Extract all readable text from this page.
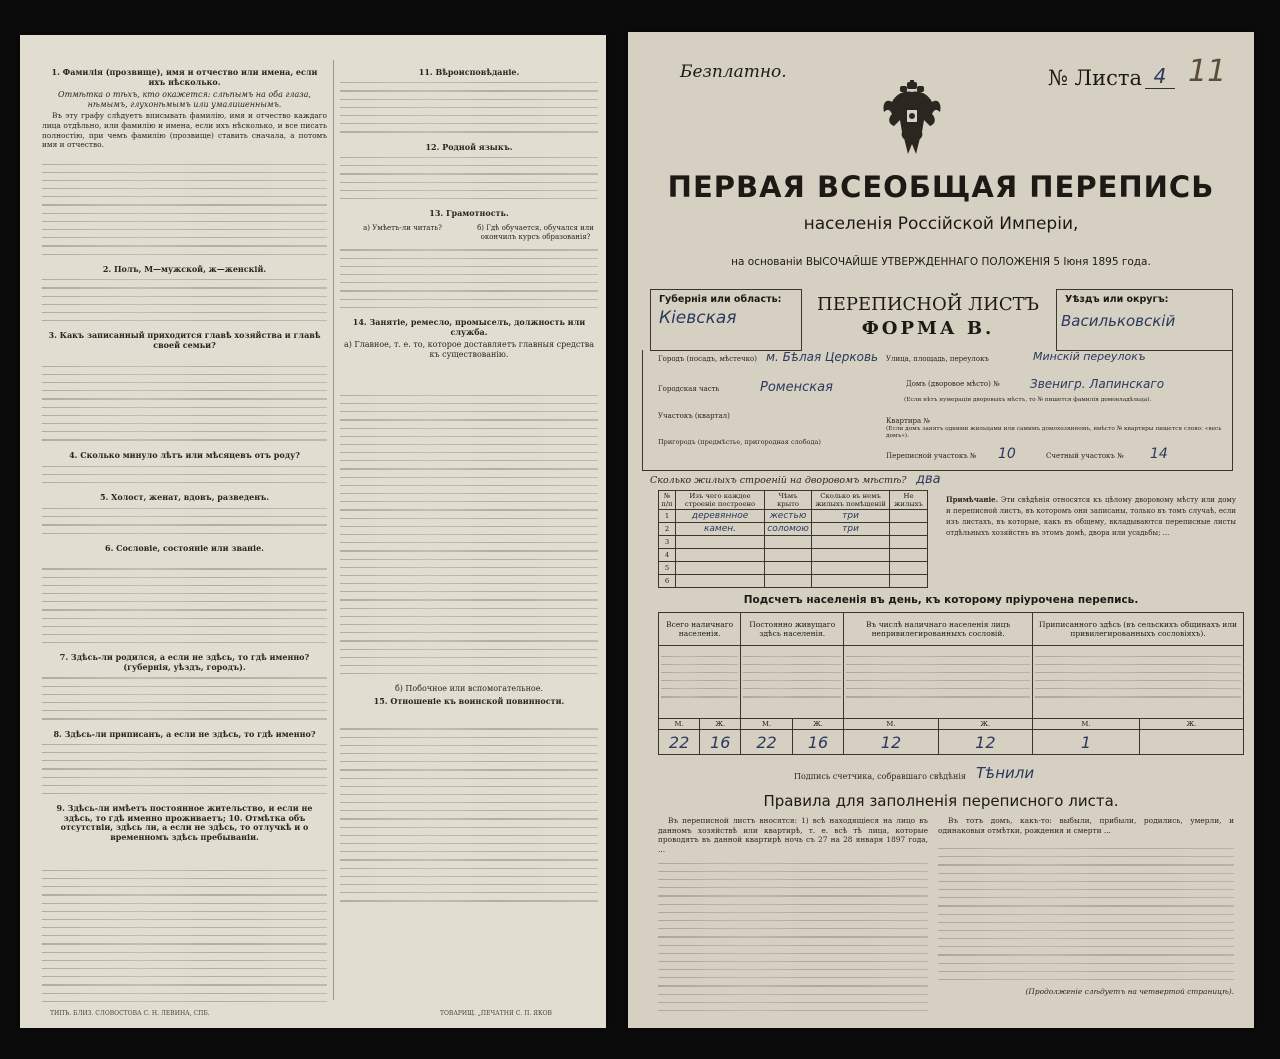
1. Фамилія (прозвище), имя и отчество или имена, если ихъ нѣсколько.

Отмѣтка о тѣхъ, кто окажется: слѣпымъ на оба глаза, нѣмымъ, глухонѣмымъ или умалишеннымъ.

Въ эту графу слѣдуетъ вписывать фамилію, имя и отчество каждаго лица отдѣльно, или фамилію и имена, если ихъ нѣсколько, и все писать полностію, при чемъ фамилію (прозвище) ставить сначала, а потомъ имя и отчество.

2. Полъ, М—мужской, ж—женскій.

3. Какъ записанный приходится главѣ хозяйства и главѣ своей семьи?

4. Сколько минуло лѣтъ или мѣсяцевъ отъ роду?

5. Холост, женат, вдовъ, разведенъ.

6. Сословіе, состояніе или званіе.

7. Здѣсь-ли родился, а если не здѣсь, то гдѣ именно? (губернія, уѣздъ, городъ).

8. Здѣсь-ли приписанъ, а если не здѣсь, то гдѣ именно?

9. Здѣсь-ли имѣетъ постоянное жительство, и если не здѣсь, то гдѣ именно проживаетъ; 10. Отмѣтка объ отсутствіи, здѣсь ли, а если не здѣсь, то отлучкѣ и о временномъ здѣсь пребываніи.

11. Вѣроисповѣданіе.

12. Родной языкъ.

13. Грамотность.

а) Умѣетъ-ли читать?	б) Гдѣ обучается, обучался или окончилъ курсъ образованія?

14. Занятіе, ремесло, промыселъ, должность или служба.

а) Главное, т. е. то, которое доставляетъ главныя средства къ существованію.

б) Побочное или вспомогательное.

15. Отношеніе къ воинской повинности.

ТИПЪ. БЛИЗ. СЛОВОСТОВА С. Н. ЛЕВИНА, СПБ.	ТОВАРИЩ. „ПЕЧАТНЯ С. П. ЯКОВ
Безплатно.	№ Листа 4 11
ПЕРВАЯ ВСЕОБЩАЯ ПЕРЕПИСЬ
населенія Россійской Имперіи,
на основаніи ВЫСОЧАЙШЕ УТВЕРЖДЕННАГО ПОЛОЖЕНІЯ 5 Іюня 1895 года.
Губернія или область:
Кіевская
ПЕРЕПИСНОЙ ЛИСТЪ
ФОРМА В.
Уѣздъ или округъ:
Васильковскій
Городъ (посадъ, мѣстечко) м. Бѣлая Церковь
Городская часть	Роменская
Участокъ (квартал)
Пригородъ (предмѣстье, пригородная слобода)
Улица, площадь, переулокъ	Минскій переулокъ
Домъ (дворовое мѣсто) №	Звенигр. Лапинскаго
(Если нѣтъ нумераціи дворовыхъ мѣстъ, то № пишется фамилія домовладѣльца).
Квартира №
(Если домъ занятъ одними жильцами или самимъ домохозяиномъ, вмѣсто № квартиры пишется слово: «весь домъ»).
Переписной участокъ № 10	Счетный участокъ № 14
Сколько жилыхъ строеній на дворовомъ мѣстѣ? два
№ п/п	Изъ чего каждое строеніе построено	Чѣмъ крыто	Сколько въ немъ жилыхъ помѣщеній	Не жилыхъ
1	деревянное	жестью	три	
2	камен.	соломою	три	
3				
4				
5				
6				
Примѣчаніе. Эти свѣдѣнія относятся къ цѣлому дворовому мѣсту или дому и переписной листъ, въ которомъ они записаны, только въ томъ случаѣ, если изъ листахъ, въ которые, какъ въ общему, вкладываются переписные листы отдѣльныхъ хозяйствъ въ этомъ домѣ, двора или усадьбы; ...
Подсчетъ населенія въ день, къ которому пріурочена перепись.
Всего наличнаго населенія.		Постоянно живущаго здѣсь населенія.		Въ числѣ наличнаго населенія лицъ непривилегированныхъ сословій.		Приписанного здѣсь (въ сельскихъ общинахъ или привилегированныхъ сословіяхъ).	

М.	Ж.	М.	Ж.	М.	Ж.	М.	Ж.
22	16	22	16	12	12	1	
Подпись счетчика, собравшаго свѣдѣнія Тѣнили
Правила для заполненія переписного листа.

Въ переписной листъ вносятся: 1) всѣ находящіеся на лицо въ данномъ хозяйствѣ или квартирѣ, т. е. всѣ тѣ лица, которые проводятъ въ данной квартирѣ ночь съ 27 на 28 января 1897 года, ...

Въ тотъ домъ, какъ-то: выбыли, прибыли, родились, умерли, и одинаковыя отмѣтки, рождения и смерти ...

(Продолженіе слѣдуетъ на четвертой страницѣ).
